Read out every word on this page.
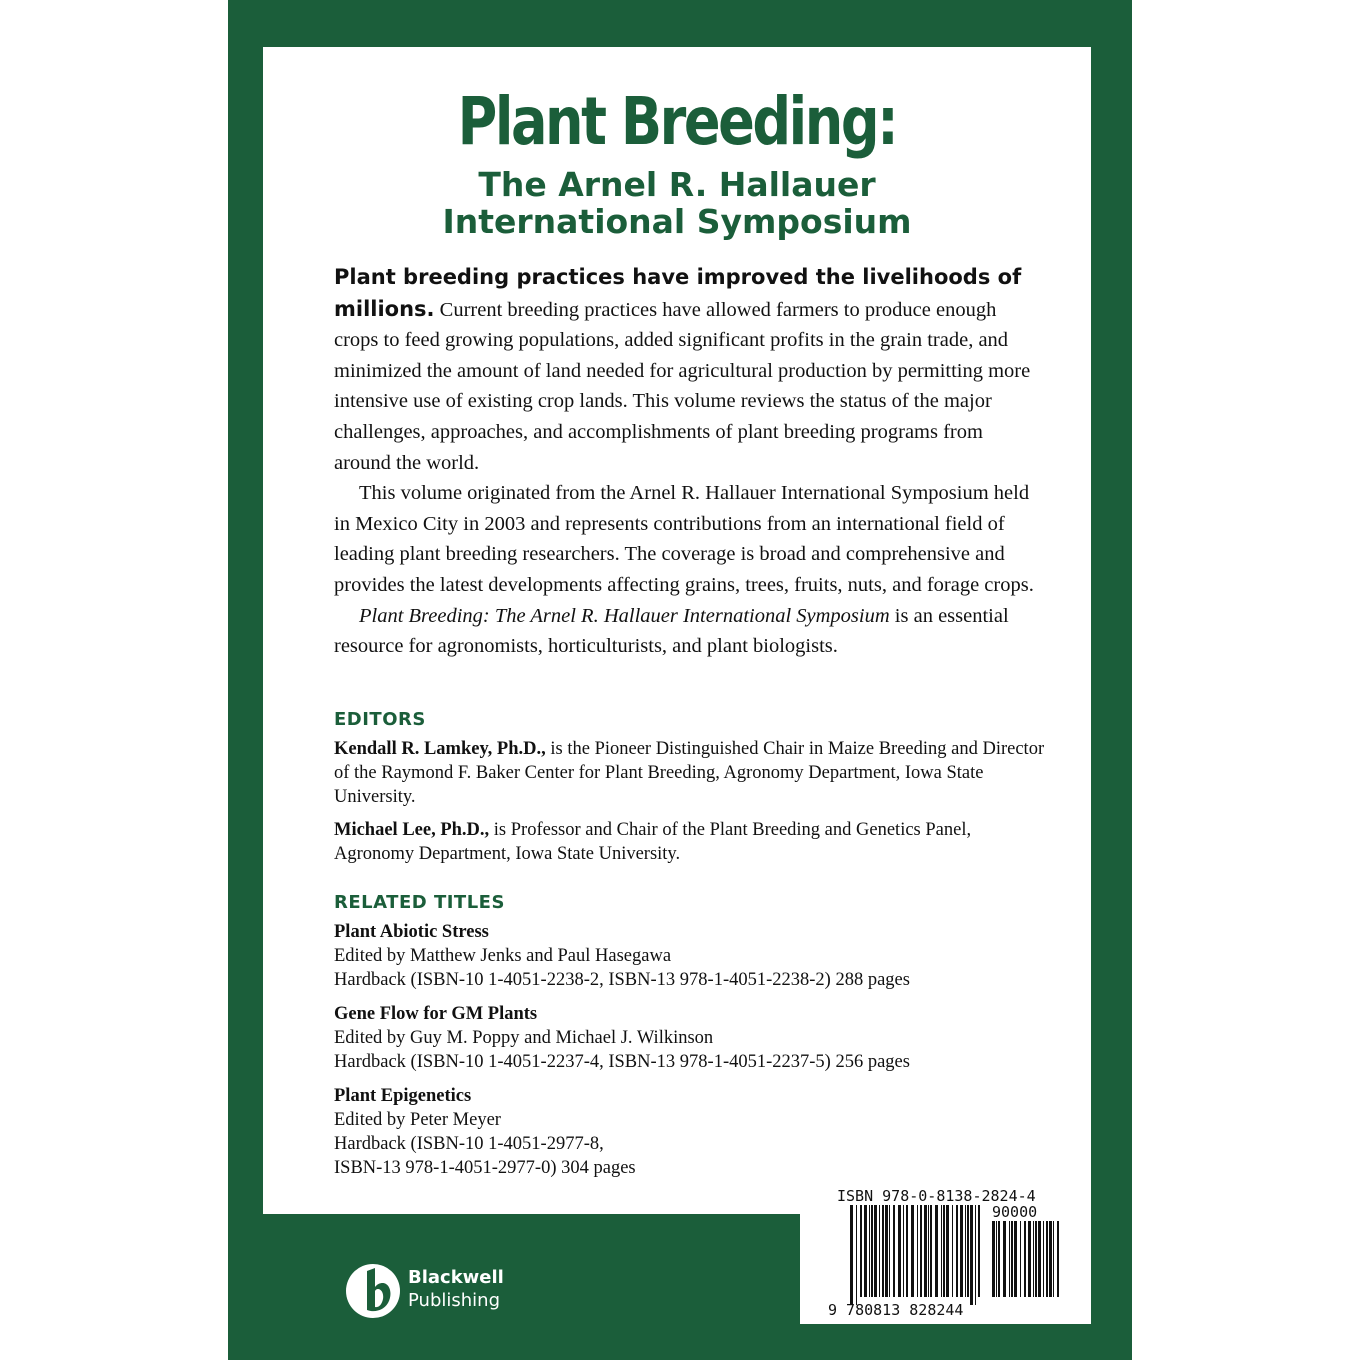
Plant Breeding:
The Arnel R. Hallauer
International Symposium

Plant breeding practices have improved the livelihoods of millions. Current breeding practices have allowed farmers to produce enough crops to feed growing populations, added significant profits in the grain trade, and minimized the amount of land needed for agricultural production by permitting more intensive use of existing crop lands. This volume reviews the status of the major challenges, approaches, and accomplishments of plant breeding programs from around the world.

This volume originated from the Arnel R. Hallauer International Symposium held in Mexico City in 2003 and represents contributions from an international field of leading plant breeding researchers. The coverage is broad and comprehensive and provides the latest developments affecting grains, trees, fruits, nuts, and forage crops.

Plant Breeding: The Arnel R. Hallauer International Symposium is an essential resource for agronomists, horticulturists, and plant biologists.

EDITORS

Kendall R. Lamkey, Ph.D., is the Pioneer Distinguished Chair in Maize Breeding and Director of the Raymond F. Baker Center for Plant Breeding, Agronomy Department, Iowa State University.

Michael Lee, Ph.D., is Professor and Chair of the Plant Breeding and Genetics Panel, Agronomy Department, Iowa State University.

RELATED TITLES
Plant Abiotic Stress
Edited by Matthew Jenks and Paul Hasegawa
Hardback (ISBN-10 1-4051-2238-2, ISBN-13 978-1-4051-2238-2) 288 pages
Gene Flow for GM Plants
Edited by Guy M. Poppy and Michael J. Wilkinson
Hardback (ISBN-10 1-4051-2237-4, ISBN-13 978-1-4051-2237-5) 256 pages
Plant Epigenetics
Edited by Peter Meyer
Hardback (ISBN-10 1-4051-2977-8,
ISBN-13 978-1-4051-2977-0) 304 pages
ISBN 978-0-8138-2824-4
90000
9 780813 828244
Blackwell
Publishing
